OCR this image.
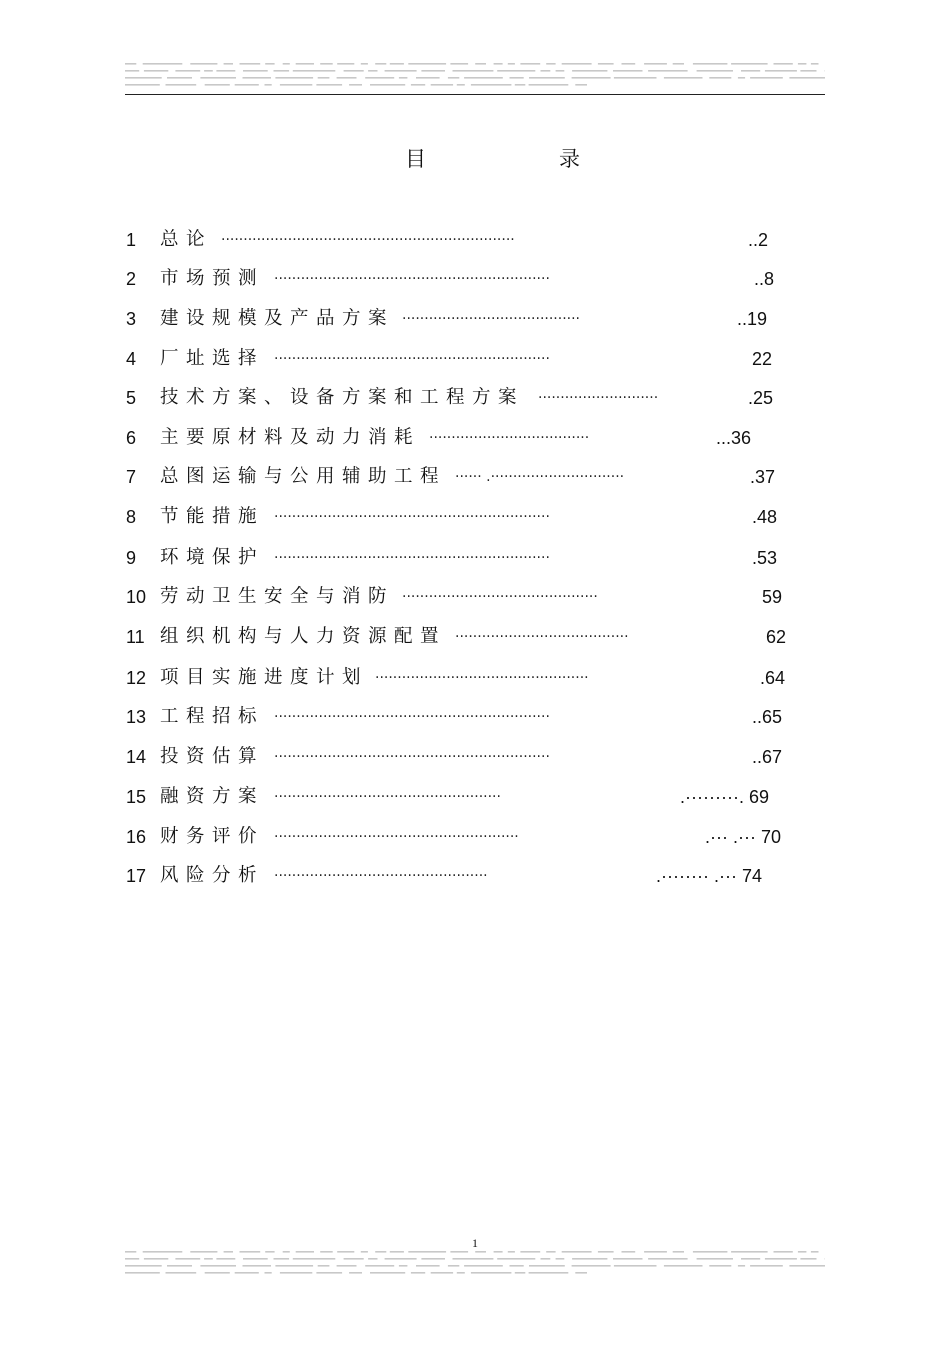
目　录
1 总论 ··································································	..2
2 市场预测 ······························································	..8
3 建设规模及产品方案 ········································	..19
4 厂址选择 ······························································	22
5 技术方案、设备方案和工程方案 ···························	.25
6 主要原材料及动力消耗 ····································	...36
7 总图运输与公用辅助工程 ······ .······························	.37
8 节能措施 ······························································	.48
9 环境保护 ······························································	.53
10 劳动卫生安全与消防 ············································	59
11 组织机构与人力资源配置 ·······································	62
12 项目实施进度计划 ················································	.64
13 工程招标 ······························································	..65
14 投资估算 ······························································	..67
15 融资方案 ···················································	.·········. 69
16 财务评价 ·······················································	.··· .··· 70
17 风险分析 ················································	.········ .··· 74
1
